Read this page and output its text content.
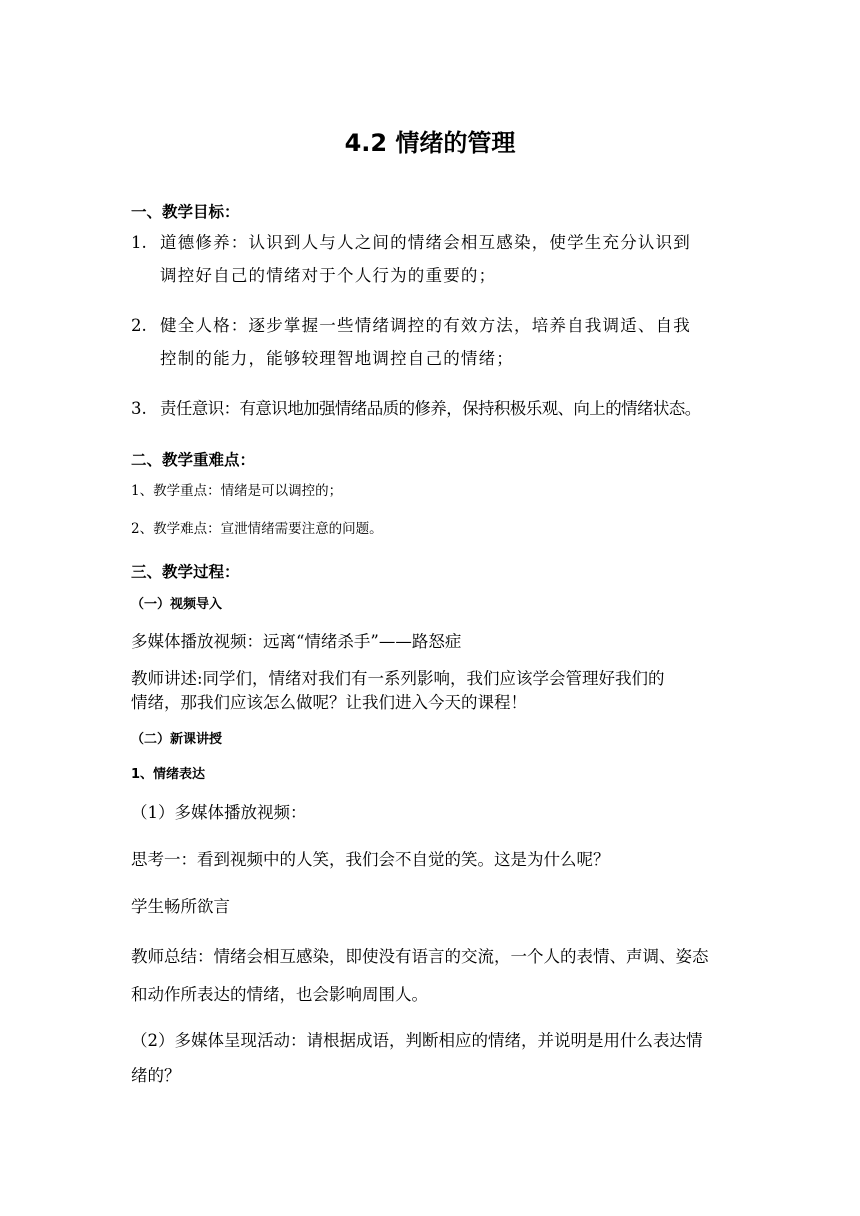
4.2 情绪的管理
一、教学目标：
1. 道德修养：认识到人与人之间的情绪会相互感染，使学生充分认识到
调控好自己的情绪对于个人行为的重要的；
2. 健全人格：逐步掌握一些情绪调控的有效方法，培养自我调适、自我
控制的能力，能够较理智地调控自己的情绪；
3. 责任意识：有意识地加强情绪品质的修养，保持积极乐观、向上的情绪状态。
二、教学重难点：
1、教学重点：情绪是可以调控的；
2、教学难点：宣泄情绪需要注意的问题。
三、教学过程：
（一）视频导入
多媒体播放视频：远离“情绪杀手”——路怒症
教师讲述:同学们，情绪对我们有一系列影响，我们应该学会管理好我们的
情绪，那我们应该怎么做呢？让我们进入今天的课程！
（二）新课讲授
1、情绪表达
（1）多媒体播放视频：
思考一：看到视频中的人笑，我们会不自觉的笑。这是为什么呢？
学生畅所欲言
教师总结：情绪会相互感染，即使没有语言的交流，一个人的表情、声调、姿态
和动作所表达的情绪，也会影响周围人。
（2）多媒体呈现活动：请根据成语，判断相应的情绪，并说明是用什么表达情
绪的？
